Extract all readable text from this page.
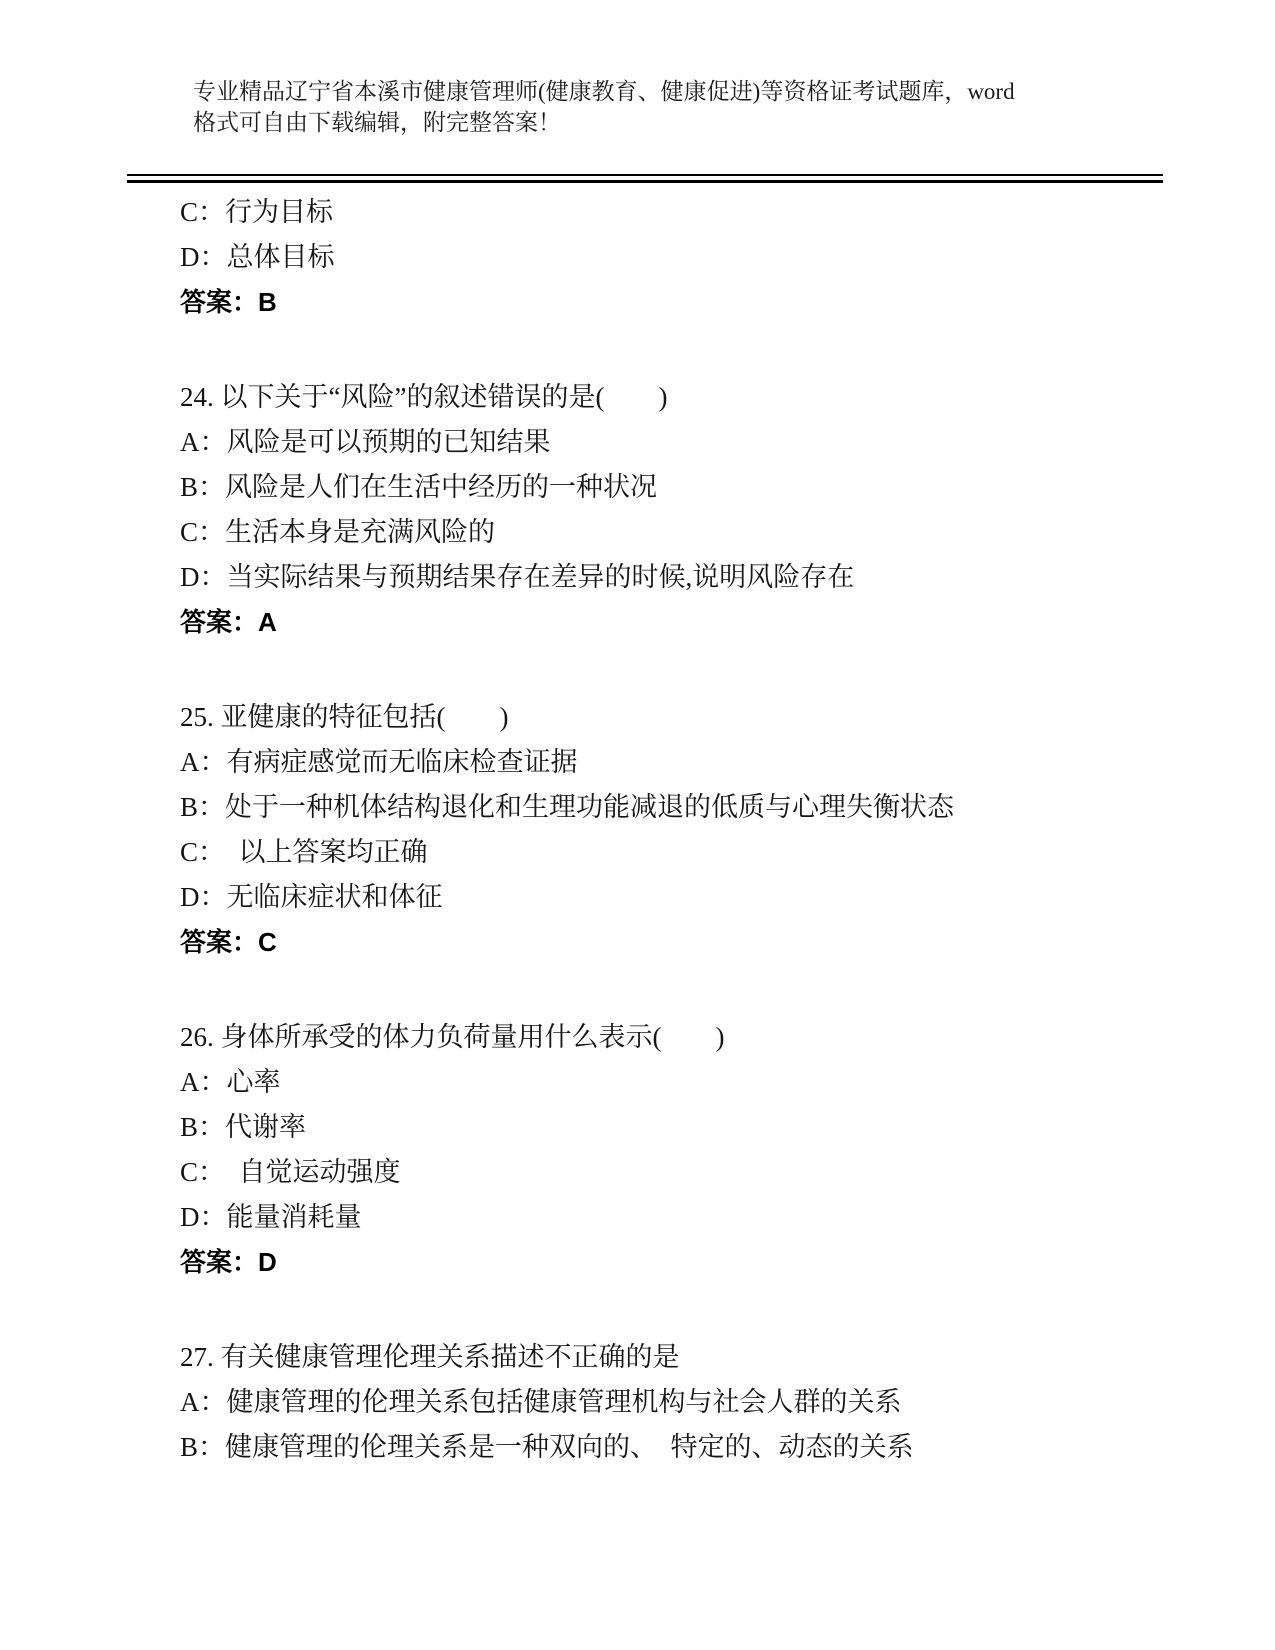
专业精品辽宁省本溪市健康管理师(健康教育、健康促进)等资格证考试题库，word
格式可自由下载编辑，附完整答案！

C：行为目标

D：总体目标

答案：B

24. 以下关于“风险”的叙述错误的是(　　)

A：风险是可以预期的已知结果

B：风险是人们在生活中经历的一种状况

C：生活本身是充满风险的

D：当实际结果与预期结果存在差异的时候,说明风险存在

答案：A

25. 亚健康的特征包括(　　)

A：有病症感觉而无临床检查证据

B：处于一种机体结构退化和生理功能减退的低质与心理失衡状态

C：　以上答案均正确

D：无临床症状和体征

答案：C

26. 身体所承受的体力负荷量用什么表示(　　)

A：心率

B：代谢率

C：　自觉运动强度

D：能量消耗量

答案：D

27. 有关健康管理伦理关系描述不正确的是

A：健康管理的伦理关系包括健康管理机构与社会人群的关系

B：健康管理的伦理关系是一种双向的、　特定的、动态的关系
